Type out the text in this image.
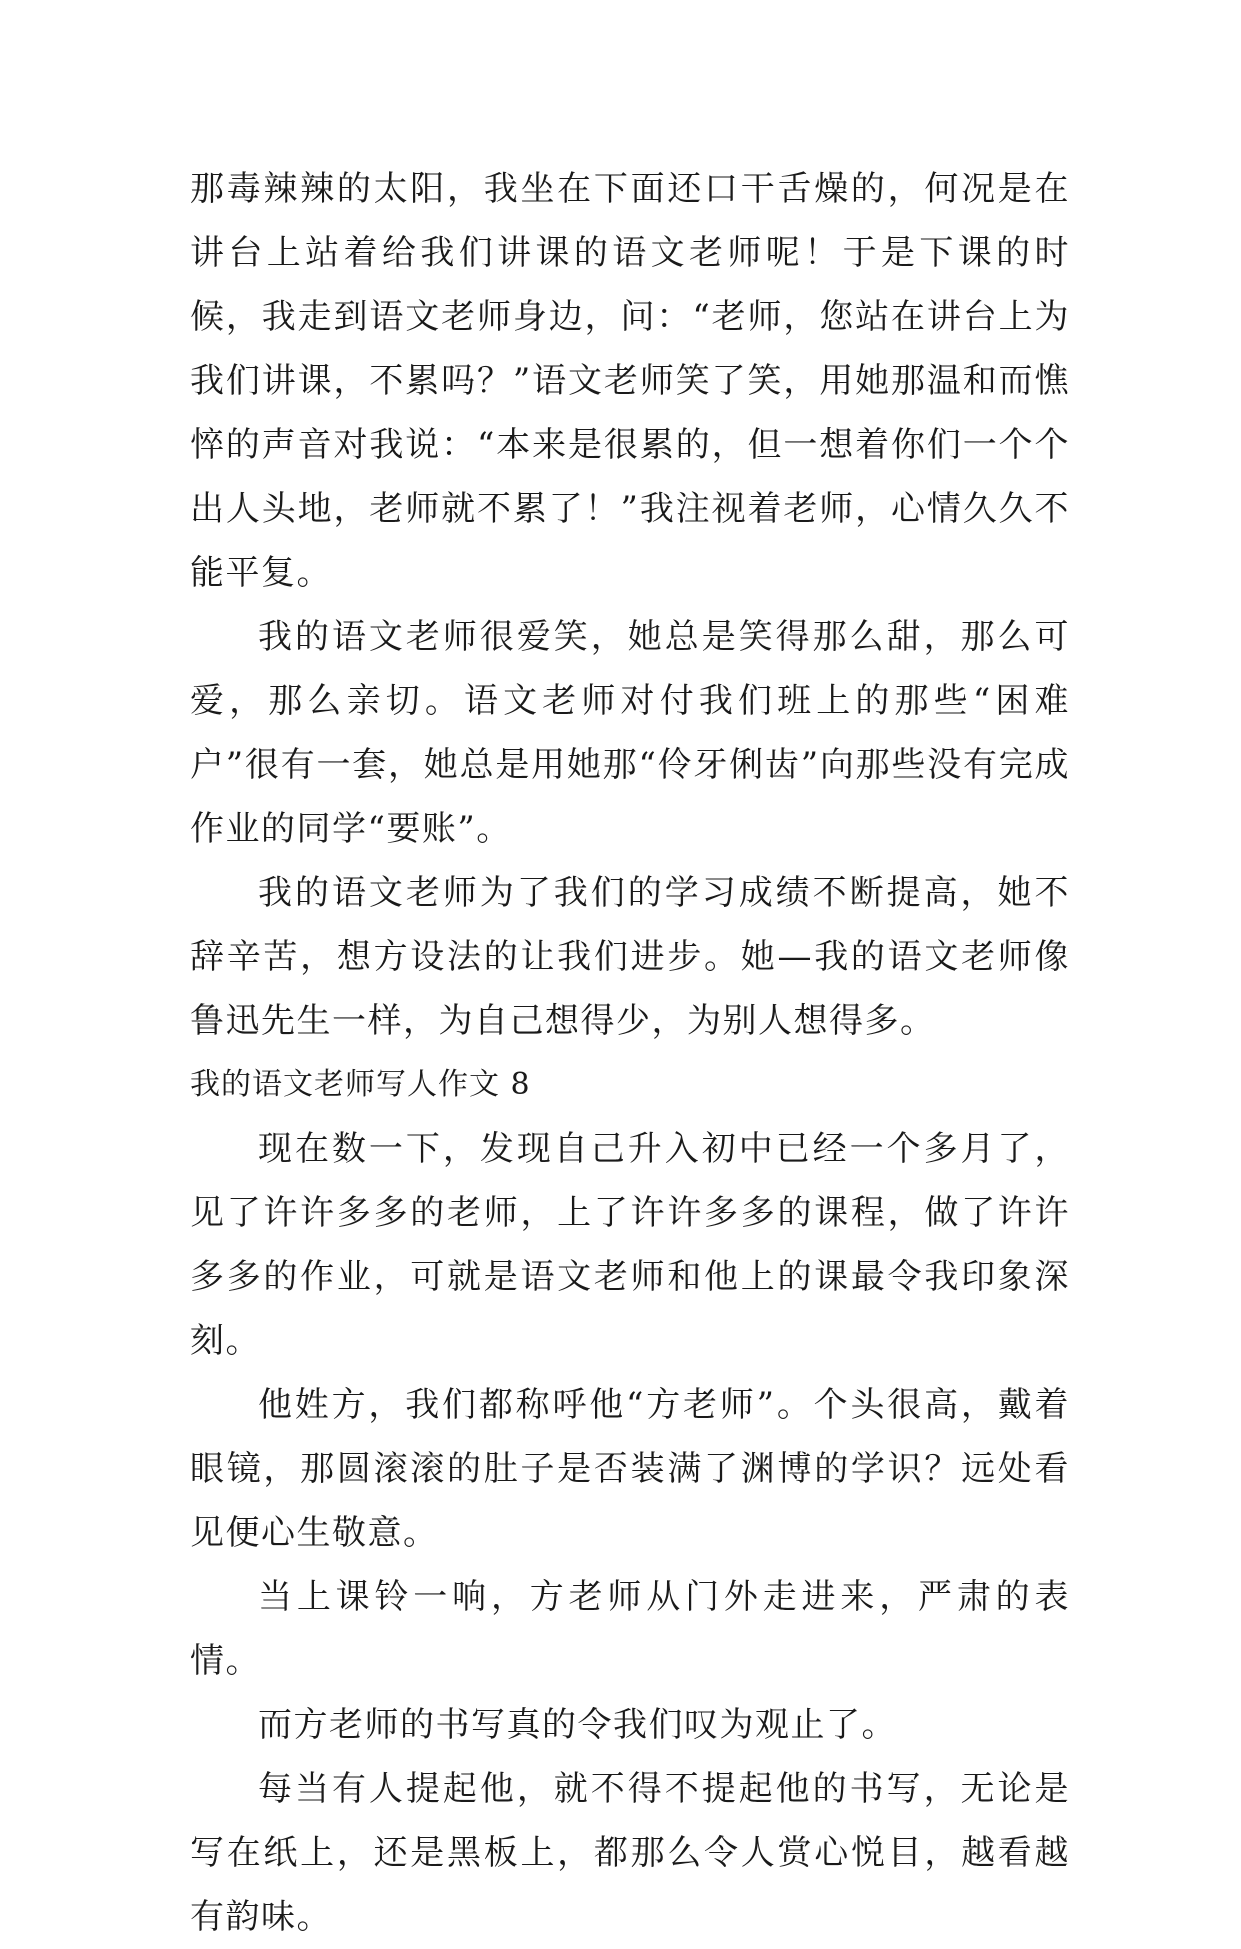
那毒辣辣的太阳，我坐在下面还口干舌燥的，何况是在讲台上站着给我们讲课的语文老师呢！于是下课的时候，我走到语文老师身边，问：“老师，您站在讲台上为我们讲课，不累吗？”语文老师笑了笑，用她那温和而憔悴的声音对我说：“本来是很累的，但一想着你们一个个出人头地，老师就不累了！”我注视着老师，心情久久不能平复。

我的语文老师很爱笑，她总是笑得那么甜，那么可爱，那么亲切。语文老师对付我们班上的那些“困难户”很有一套，她总是用她那“伶牙俐齿”向那些没有完成作业的同学“要账”。

我的语文老师为了我们的学习成绩不断提高，她不辞辛苦，想方设法的让我们进步。她—我的语文老师像鲁迅先生一样，为自己想得少，为别人想得多。

我的语文老师写人作文 8

现在数一下，发现自己升入初中已经一个多月了，见了许许多多的老师，上了许许多多的课程，做了许许多多的作业，可就是语文老师和他上的课最令我印象深刻。

他姓方，我们都称呼他“方老师”。个头很高，戴着眼镜，那圆滚滚的肚子是否装满了渊博的学识？远处看见便心生敬意。

当上课铃一响，方老师从门外走进来，严肃的表情。

而方老师的书写真的令我们叹为观止了。

每当有人提起他，就不得不提起他的书写，无论是写在纸上，还是黑板上，都那么令人赏心悦目，越看越有韵味。
